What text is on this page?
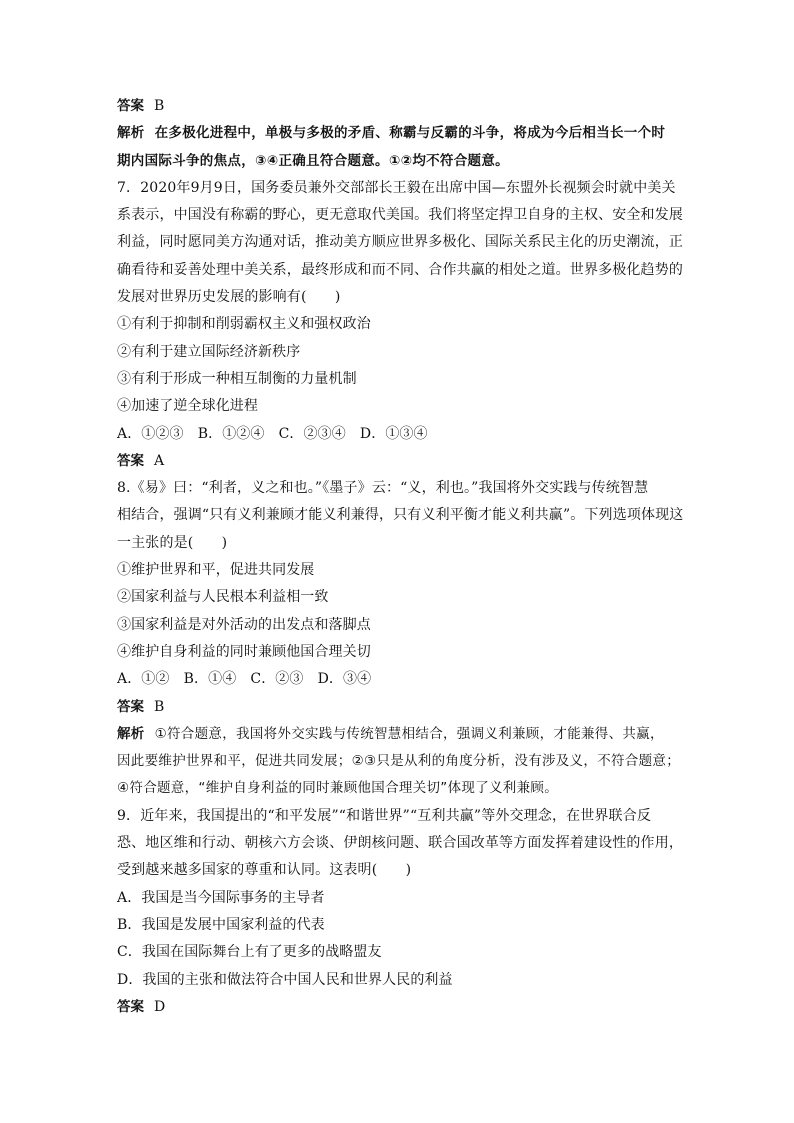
答案 B
解析 在多极化进程中，单极与多极的矛盾、称霸与反霸的斗争，将成为今后相当长一个时
期内国际斗争的焦点，③④正确且符合题意。①②均不符合题意。
7．2020年9月9日，国务委员兼外交部部长王毅在出席中国—东盟外长视频会时就中美关
系表示，中国没有称霸的野心，更无意取代美国。我们将坚定捍卫自身的主权、安全和发展
利益，同时愿同美方沟通对话，推动美方顺应世界多极化、国际关系民主化的历史潮流，正
确看待和妥善处理中美关系，最终形成和而不同、合作共赢的相处之道。世界多极化趋势的
发展对世界历史发展的影响有(　　)
①有利于抑制和削弱霸权主义和强权政治
②有利于建立国际经济新秩序
③有利于形成一种相互制衡的力量机制
④加速了逆全球化进程
A．①②③　B．①②④　C．②③④　D．①③④
答案 A
8.《易》曰：“利者，义之和也。”《墨子》云：“义，利也。”我国将外交实践与传统智慧
相结合，强调“只有义利兼顾才能义利兼得，只有义利平衡才能义利共赢”。下列选项体现这
一主张的是(　　)
①维护世界和平，促进共同发展
②国家利益与人民根本利益相一致
③国家利益是对外活动的出发点和落脚点
④维护自身利益的同时兼顾他国合理关切
A．①②　B．①④　C．②③　D．③④
答案 B
解析 ①符合题意，我国将外交实践与传统智慧相结合，强调义利兼顾，才能兼得、共赢，
因此要维护世界和平，促进共同发展；②③只是从利的角度分析，没有涉及义，不符合题意；
④符合题意，“维护自身利益的同时兼顾他国合理关切”体现了义利兼顾。
9．近年来，我国提出的“和平发展”“和谐世界”“互利共赢”等外交理念，在世界联合反
恐、地区维和行动、朝核六方会谈、伊朗核问题、联合国改革等方面发挥着建设性的作用，
受到越来越多国家的尊重和认同。这表明(　　)
A．我国是当今国际事务的主导者
B．我国是发展中国家利益的代表
C．我国在国际舞台上有了更多的战略盟友
D．我国的主张和做法符合中国人民和世界人民的利益
答案 D
